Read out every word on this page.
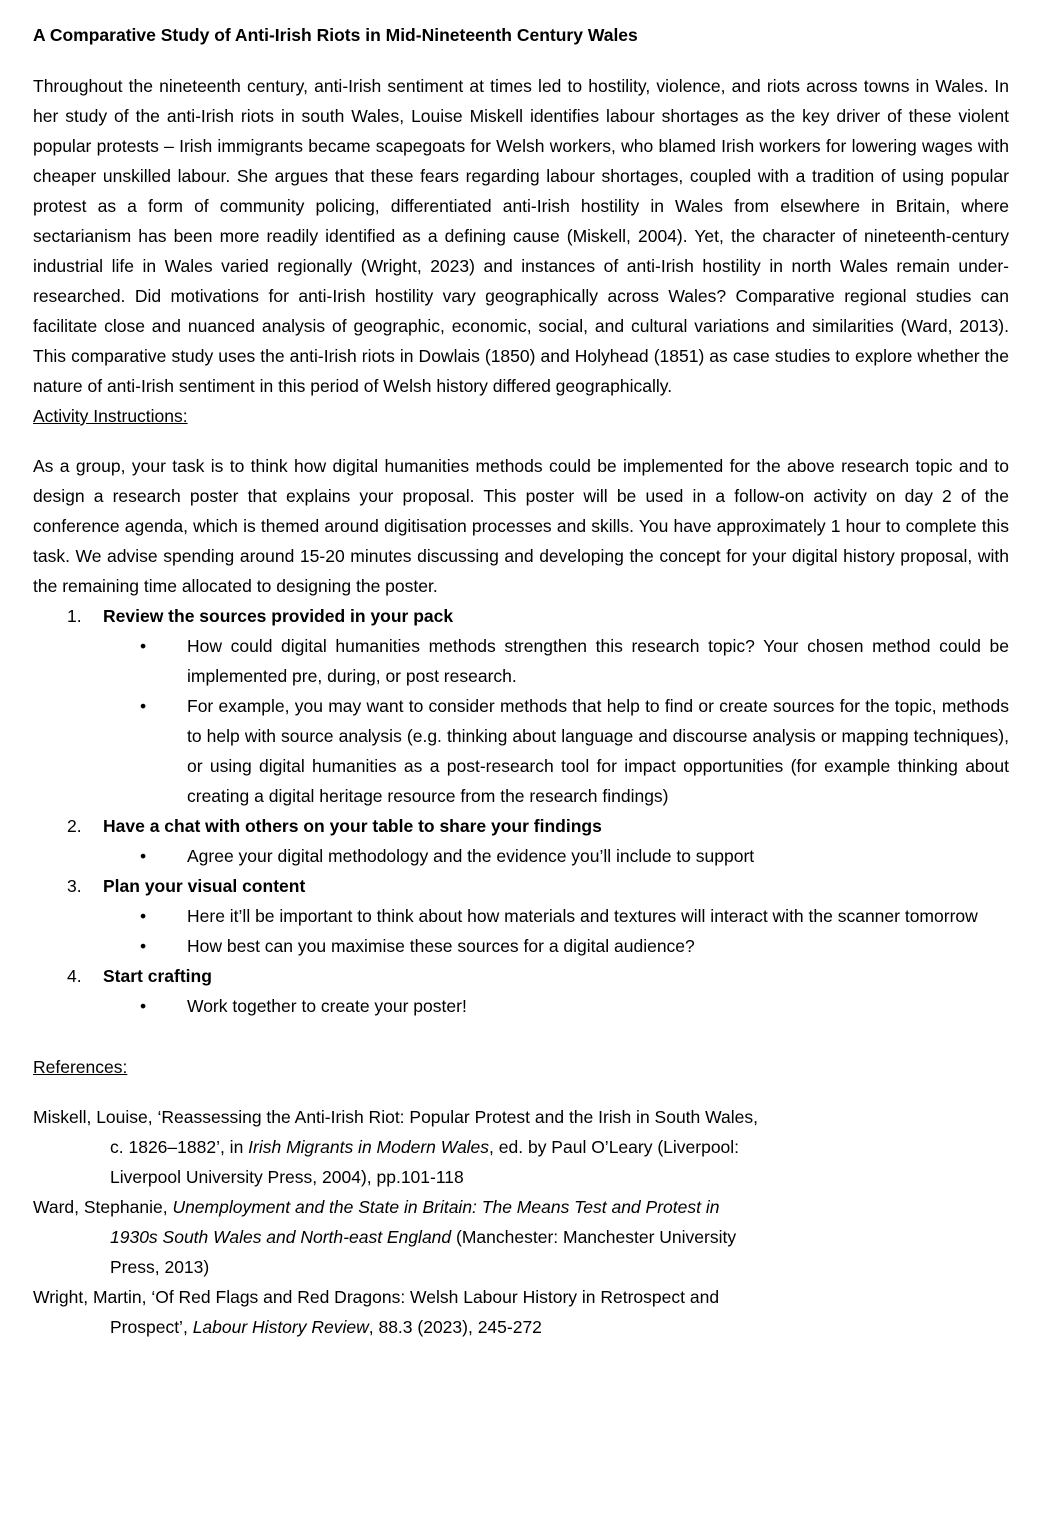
A Comparative Study of Anti-Irish Riots in Mid-Nineteenth Century Wales

Throughout the nineteenth century, anti-Irish sentiment at times led to hostility, violence, and riots across towns in Wales. In her study of the anti-Irish riots in south Wales, Louise Miskell identifies labour shortages as the key driver of these violent popular protests – Irish immigrants became scapegoats for Welsh workers, who blamed Irish workers for lowering wages with cheaper unskilled labour. She argues that these fears regarding labour shortages, coupled with a tradition of using popular protest as a form of community policing, differentiated anti-Irish hostility in Wales from elsewhere in Britain, where sectarianism has been more readily identified as a defining cause (Miskell, 2004). Yet, the character of nineteenth-century industrial life in Wales varied regionally (Wright, 2023) and instances of anti-Irish hostility in north Wales remain under-researched. Did motivations for anti-Irish hostility vary geographically across Wales? Comparative regional studies can facilitate close and nuanced analysis of geographic, economic, social, and cultural variations and similarities (Ward, 2013). This comparative study uses the anti-Irish riots in Dowlais (1850) and Holyhead (1851) as case studies to explore whether the nature of anti-Irish sentiment in this period of Welsh history differed geographically.

Activity Instructions:

As a group, your task is to think how digital humanities methods could be implemented for the above research topic and to design a research poster that explains your proposal. This poster will be used in a follow-on activity on day 2 of the conference agenda, which is themed around digitisation processes and skills. You have approximately 1 hour to complete this task. We advise spending around 15-20 minutes discussing and developing the concept for your digital history proposal, with the remaining time allocated to designing the poster.

1. Review the sources provided in your pack
• How could digital humanities methods strengthen this research topic? Your chosen method could be implemented pre, during, or post research.
• For example, you may want to consider methods that help to find or create sources for the topic, methods to help with source analysis (e.g. thinking about language and discourse analysis or mapping techniques), or using digital humanities as a post-research tool for impact opportunities (for example thinking about creating a digital heritage resource from the research findings)
2. Have a chat with others on your table to share your findings
• Agree your digital methodology and the evidence you’ll include to support
3. Plan your visual content
• Here it’ll be important to think about how materials and textures will interact with the scanner tomorrow
• How best can you maximise these sources for a digital audience?
4. Start crafting
• Work together to create your poster!
References:
Miskell, Louise, ‘Reassessing the Anti-Irish Riot: Popular Protest and the Irish in South Wales,
c. 1826–1882’, in Irish Migrants in Modern Wales, ed. by Paul O’Leary (Liverpool:
Liverpool University Press, 2004), pp.101-118
Ward, Stephanie, Unemployment and the State in Britain: The Means Test and Protest in
1930s South Wales and North-east England (Manchester: Manchester University
Press, 2013)
Wright, Martin, ‘Of Red Flags and Red Dragons: Welsh Labour History in Retrospect and
Prospect’, Labour History Review, 88.3 (2023), 245-272
